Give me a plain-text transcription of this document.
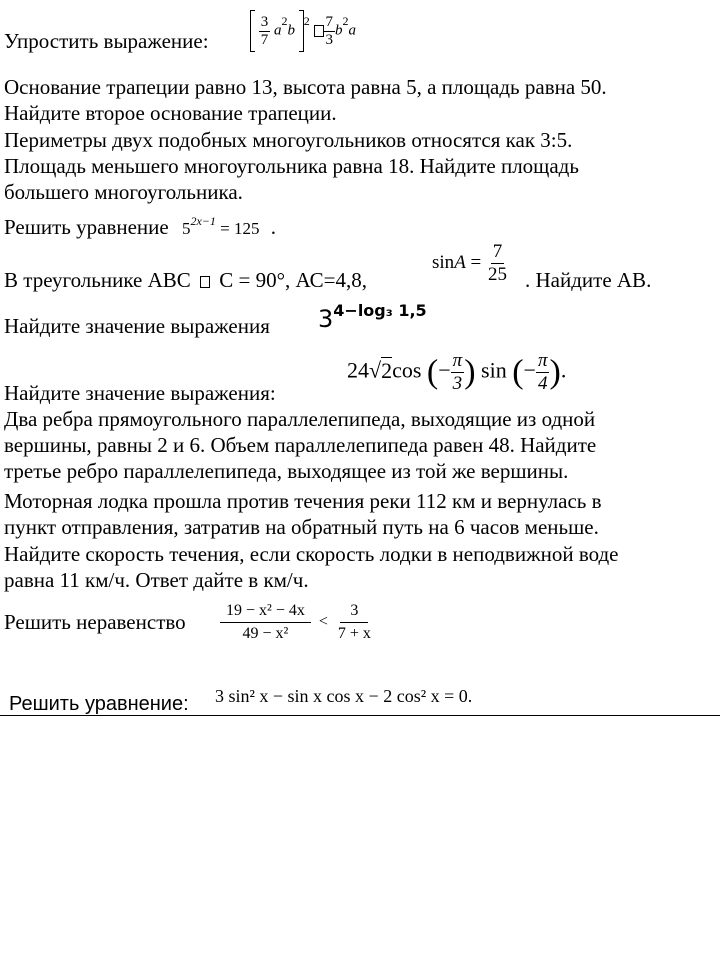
Упростить выражение:
	$\frac{3}{7} a^2b$ $^2 \frac{7}{3} b^2a$
Основание трапеции равно 13, высота равна 5, а площадь равна 50.
Найдите второе основание трапеции.
Периметры двух подобных многоугольников относятся как 3:5.
Площадь меньшего многоугольника равна 18. Найдите площадь
большего многоугольника.
Решить уравнение $5^{2x-1} = 125$ .
В треугольнике АВС С = 90°, АС=4,8,
$\sin A = \frac{7}{25}$ . Найдите АВ.
Найдите значение выражения $3^{4-log_3 1,5}$
Найдите значение выражения:
24√2cos (− $\frac{\pi}{3}$ ) sin (− $\frac{\pi}{4}$ ).
Два ребра прямоугольного параллелепипеда, выходящие из одной
вершины, равны 2 и 6. Объем параллелепипеда равен 48. Найдите
третье ребро параллелепипеда, выходящее из той же вершины.
Моторная лодка прошла против течения реки 112 км и вернулась в
пункт отправления, затратив на обратный путь на 6 часов меньше.
Найдите скорость течения, если скорость лодки в неподвижной воде
равна 11 км/ч. Ответ дайте в км/ч.
Решить неравенство $\frac{\text{19 − x² − 4x}}{\text{49 − x²}} < \frac{3}{7 + x}$
Решить уравнение: 3 sin² x − sin x cos x − 2 cos² x = 0.
